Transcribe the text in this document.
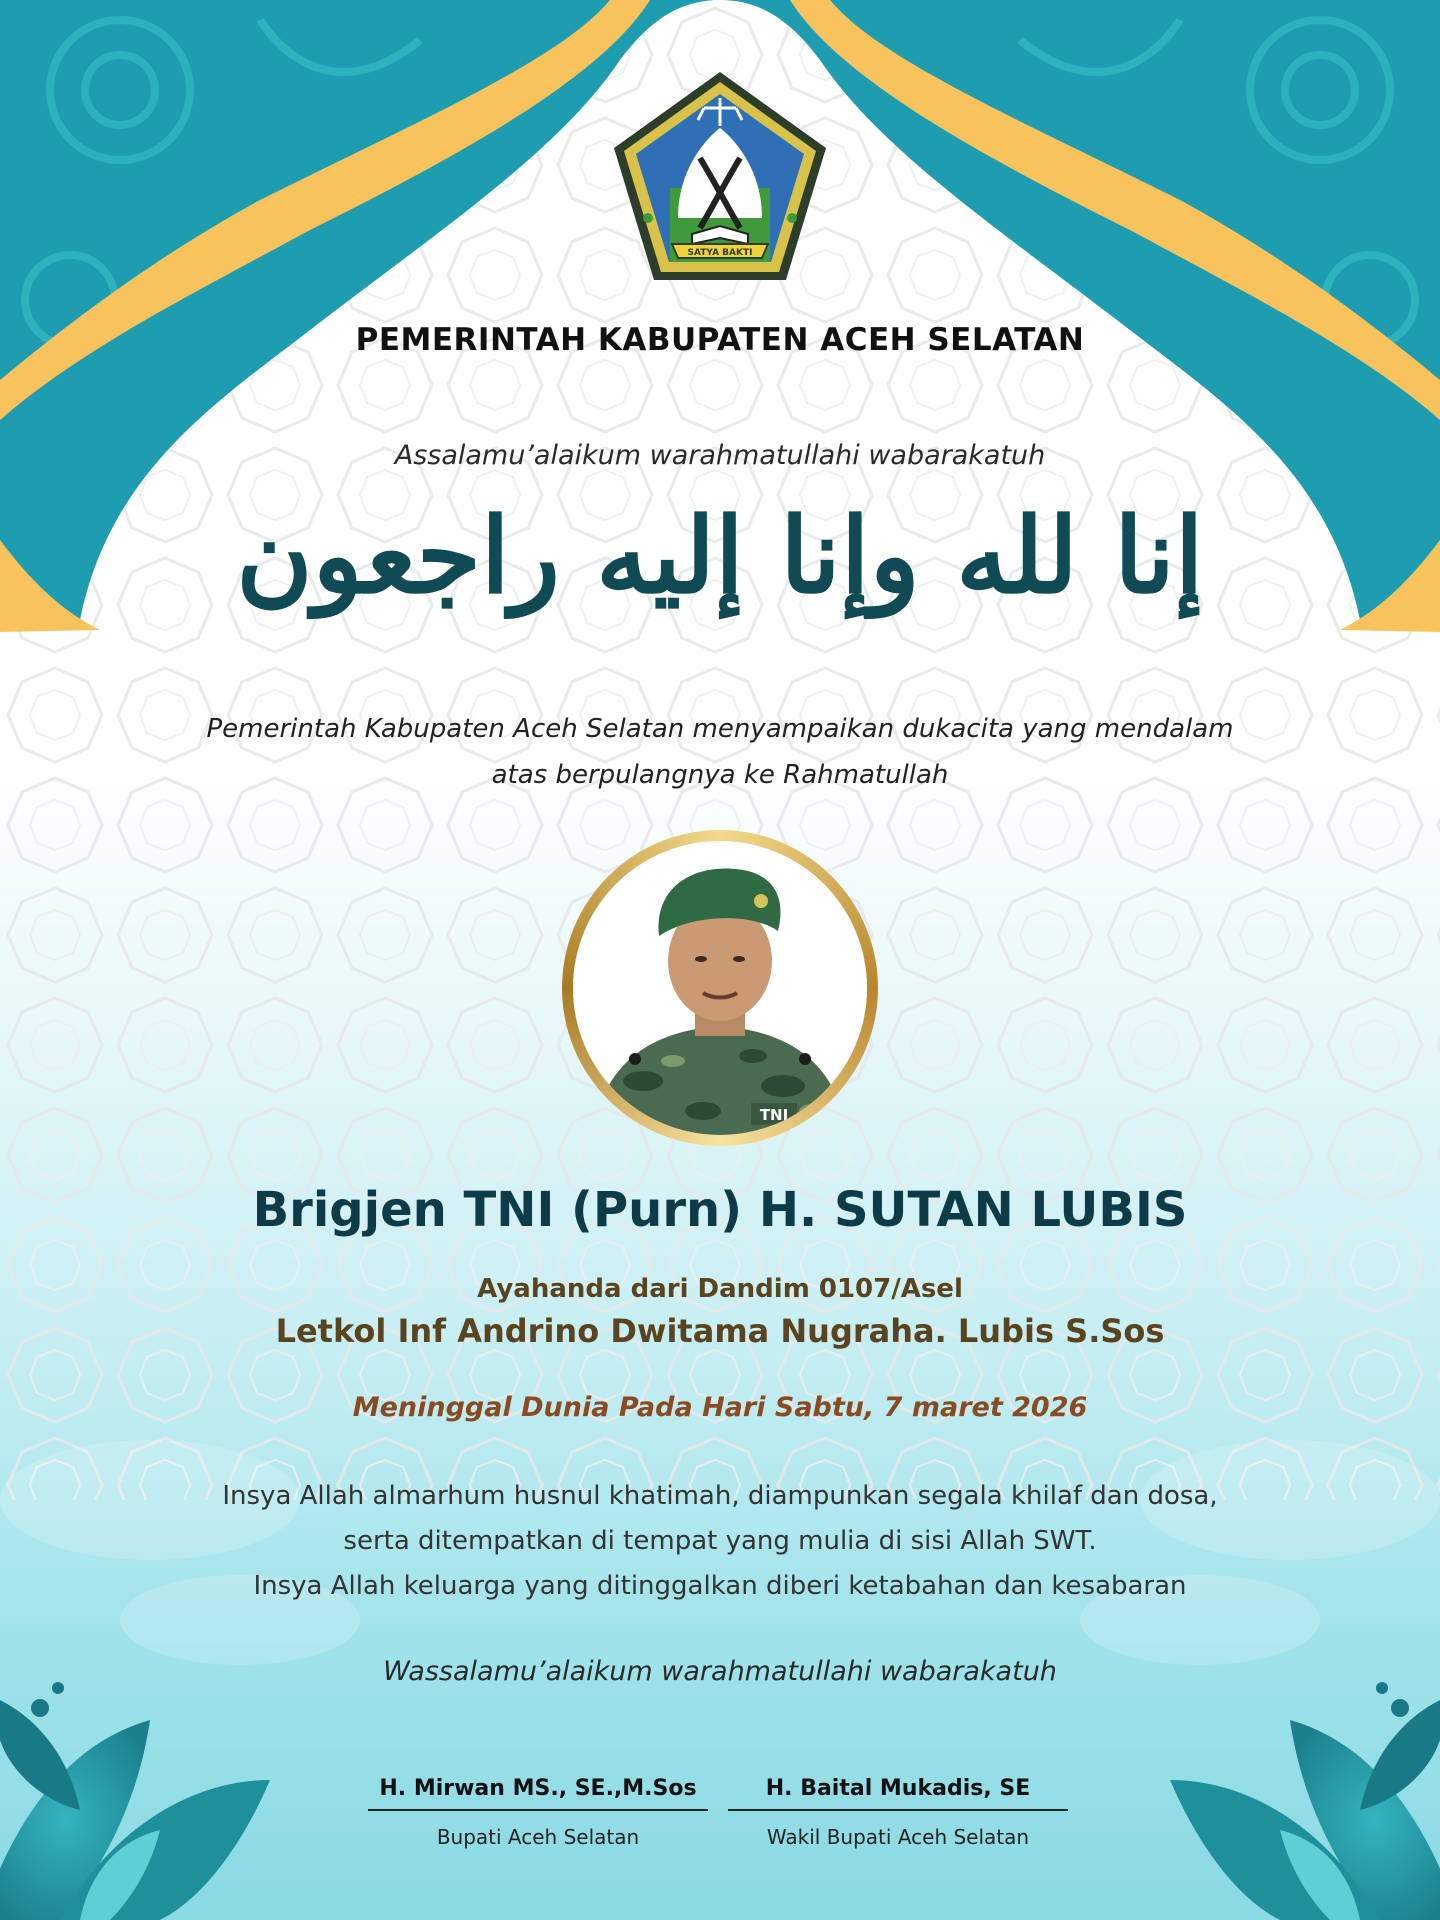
SATYA BAKTI
PEMERINTAH KABUPATEN ACEH SELATAN

Assalamu’alaikum warahmatullahi wabarakatuh

إنا لله وإنا إليه راجعون

Pemerintah Kabupaten Aceh Selatan menyampaikan dukacita yang mendalam
atas berpulangnya ke Rahmatullah

TNI
Brigjen TNI (Purn) H. SUTAN LUBIS

Ayahanda dari Dandim 0107/Asel

Letkol Inf Andrino Dwitama Nugraha. Lubis S.Sos

Meninggal Dunia Pada Hari Sabtu, 7 maret 2026

Insya Allah almarhum husnul khatimah, diampunkan segala khilaf dan dosa,
serta ditempatkan di tempat yang mulia di sisi Allah SWT.
Insya Allah keluarga yang ditinggalkan diberi ketabahan dan kesabaran

Wassalamu’alaikum warahmatullahi wabarakatuh

H. Mirwan MS., SE.,M.Sos
Bupati Aceh Selatan
H. Baital Mukadis, SE
Wakil Bupati Aceh Selatan
